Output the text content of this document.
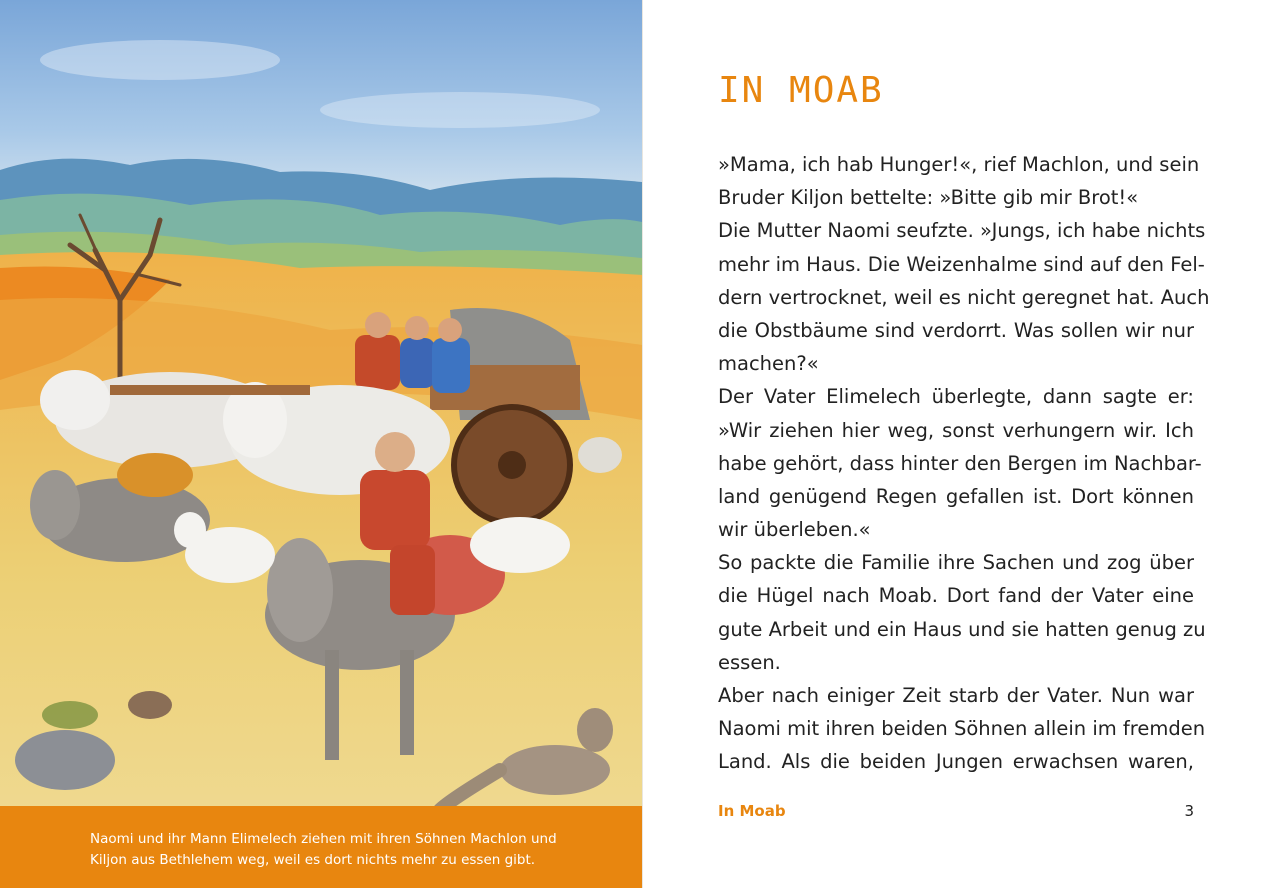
Naomi und ihr Mann Elimelech ziehen mit ihren Söhnen Machlon und
Kiljon aus Bethlehem weg, weil es dort nichts mehr zu essen gibt.
IN MOAB
»Mama, ich hab Hunger!«, rief Machlon, und sein
Bruder Kiljon bettelte: »Bitte gib mir Brot!«
Die Mutter Naomi seufzte. »Jungs, ich habe nichts
mehr im Haus. Die Weizenhalme sind auf den Fel-
dern vertrocknet, weil es nicht geregnet hat. Auch
die Obstbäume sind verdorrt. Was sollen wir nur
machen?«
Der Vater Elimelech überlegte, dann sagte er:
»Wir ziehen hier weg, sonst verhungern wir. Ich
habe gehört, dass hinter den Bergen im Nachbar-
land genügend Regen gefallen ist. Dort können
wir überleben.«
So packte die Familie ihre Sachen und zog über
die Hügel nach Moab. Dort fand der Vater eine
gute Arbeit und ein Haus und sie hatten genug zu
essen.
Aber nach einiger Zeit starb der Vater. Nun war
Naomi mit ihren beiden Söhnen allein im fremden
Land. Als die beiden Jungen erwachsen waren,
In Moab	3
